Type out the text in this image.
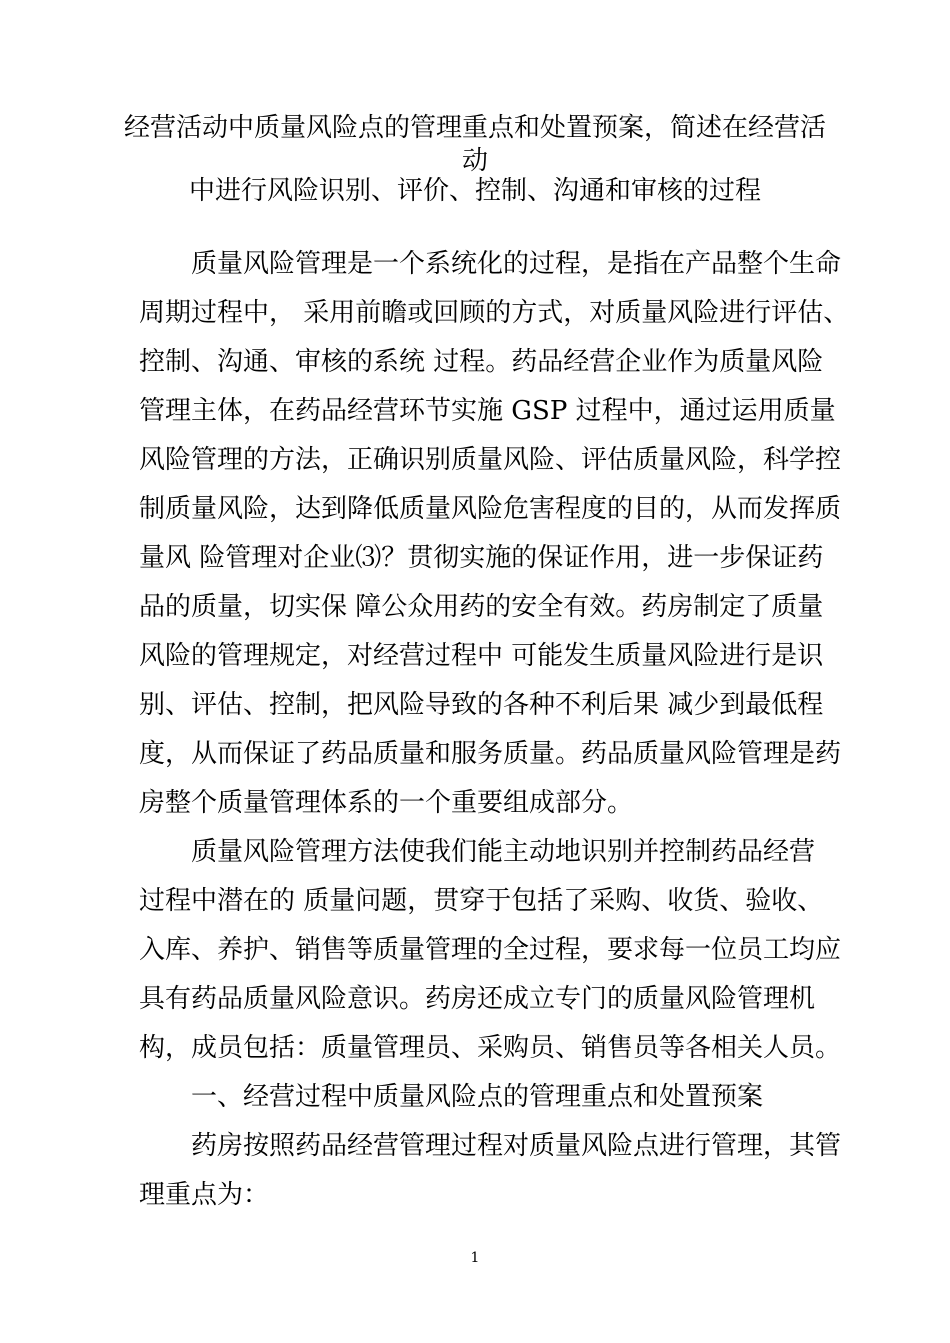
经营活动中质量风险点的管理重点和处置预案，简述在经营活
动
中进行风险识别、评价、控制、沟通和审核的过程
质量风险管理是一个系统化的过程，是指在产品整个生命
周期过程中， 采用前瞻或回顾的方式，对质量风险进行评估、
控制、沟通、审核的系统 过程。药品经营企业作为质量风险
管理主体，在药品经营环节实施 GSP 过程中，通过运用质量
风险管理的方法，正确识别质量风险、评估质量风险，科学控
制质量风险，达到降低质量风险危害程度的目的，从而发挥质
量风 险管理对企业⑶？贯彻实施的保证作用，进一步保证药
品的质量，切实保 障公众用药的安全有效。药房制定了质量
风险的管理规定，对经营过程中 可能发生质量风险进行是识
别、评估、控制，把风险导致的各种不利后果 减少到最低程
度，从而保证了药品质量和服务质量。药品质量风险管理是药
房整个质量管理体系的一个重要组成部分。
质量风险管理方法使我们能主动地识别并控制药品经营
过程中潜在的 质量问题，贯穿于包括了采购、收货、验收、
入库、养护、销售等质量管理的全过程，要求每一位员工均应
具有药品质量风险意识。药房还成立专门的质量风险管理机
构，成员包括：质量管理员、采购员、销售员等各相关人员。
一、经营过程中质量风险点的管理重点和处置预案
药房按照药品经营管理过程对质量风险点进行管理，其管
理重点为：
1
